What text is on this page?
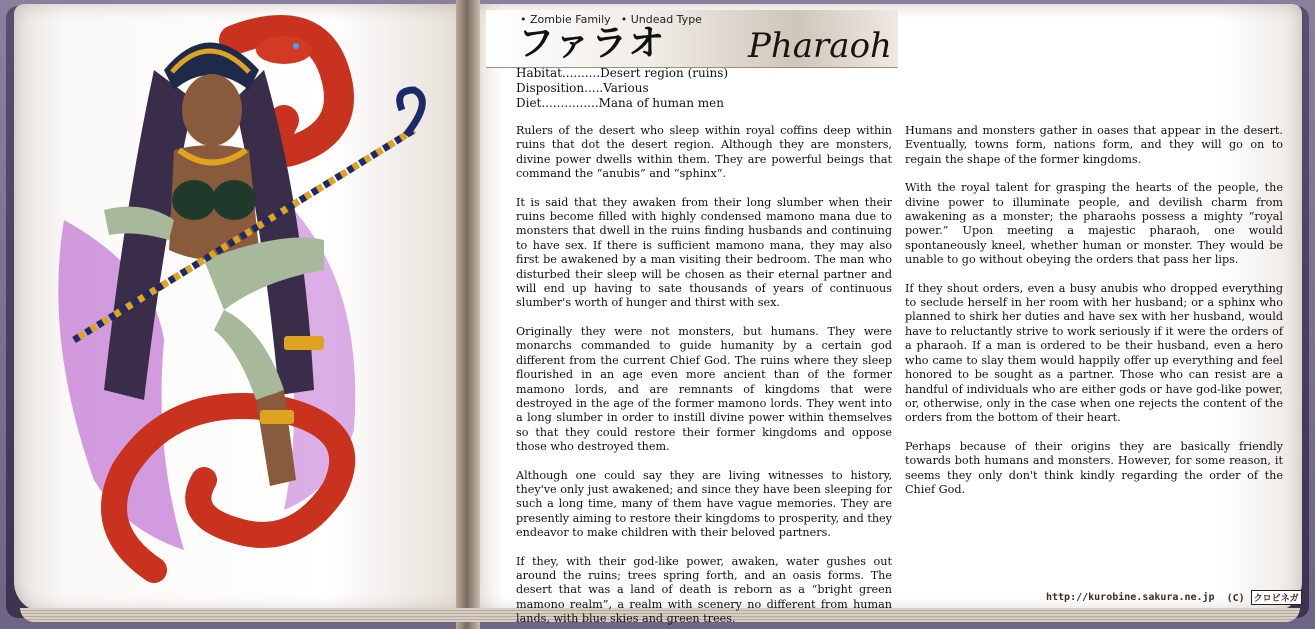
• Zombie Family
•	Undead Type
ファラオ Pharaoh
Habitat..........Desert region (ruins)
Disposition.....Various
Diet...............Mana of human men

Rulers of the desert who sleep within royal coffins deep within ruins that dot the desert region. Although they are monsters, divine power dwells within them. They are powerful beings that command the “anubis” and “sphinx“.

It is said that they awaken from their long slumber when their ruins become filled with highly condensed mamono mana due to monsters that dwell in the ruins finding husbands and continuing to have sex. If there is sufficient mamono mana, they may also first be awakened by a man visiting their bedroom. The man who disturbed their sleep will be chosen as their eternal partner and will end up having to sate thousands of years of continuous slumber's worth of hunger and thirst with sex.

Originally they were not monsters, but humans. They were monarchs commanded to guide humanity by a certain god different from the current Chief God. The ruins where they sleep flourished in an age even more ancient than of the former mamono lords, and are remnants of kingdoms that were destroyed in the age of the former mamono lords. They went into a long slumber in order to instill divine power within themselves so that they could restore their former kingdoms and oppose those who destroyed them.

Although one could say they are living witnesses to history, they've only just awakened; and since they have been sleeping for such a long time, many of them have vague memories. They are presently aiming to restore their kingdoms to prosperity, and they endeavor to make children with their beloved partners.

If they, with their god-like power, awaken, water gushes out around the ruins; trees spring forth, and an oasis forms. The desert that was a land of death is reborn as a “bright green mamono realm”, a realm with scenery no different from human lands, with blue skies and green trees.

Humans and monsters gather in oases that appear in the desert. Eventually, towns form, nations form, and they will go on to regain the shape of the former kingdoms.

With the royal talent for grasping the hearts of the people, the divine power to illuminate people, and devilish charm from awakening as a monster; the pharaohs possess a mighty “royal power.” Upon meeting a majestic pharaoh, one would spontaneously kneel, whether human or monster. They would be unable to go without obeying the orders that pass her lips.

If they shout orders, even a busy anubis who dropped everything to seclude herself in her room with her husband; or a sphinx who planned to shirk her duties and have sex with her husband, would have to reluctantly strive to work seriously if it were the orders of a pharaoh. If a man is ordered to be their husband, even a hero who came to slay them would happily offer up everything and feel honored to be sought as a partner. Those who can resist are a handful of individuals who are either gods or have god-like power, or, otherwise, only in the case when one rejects the content of the orders from the bottom of their heart.

Perhaps because of their origins they are basically friendly towards both humans and monsters. However, for some reason, it seems they only don't think kindly regarding the order of the Chief God.

http://kurobine.sakura.ne.jp (C) クロビネガ
